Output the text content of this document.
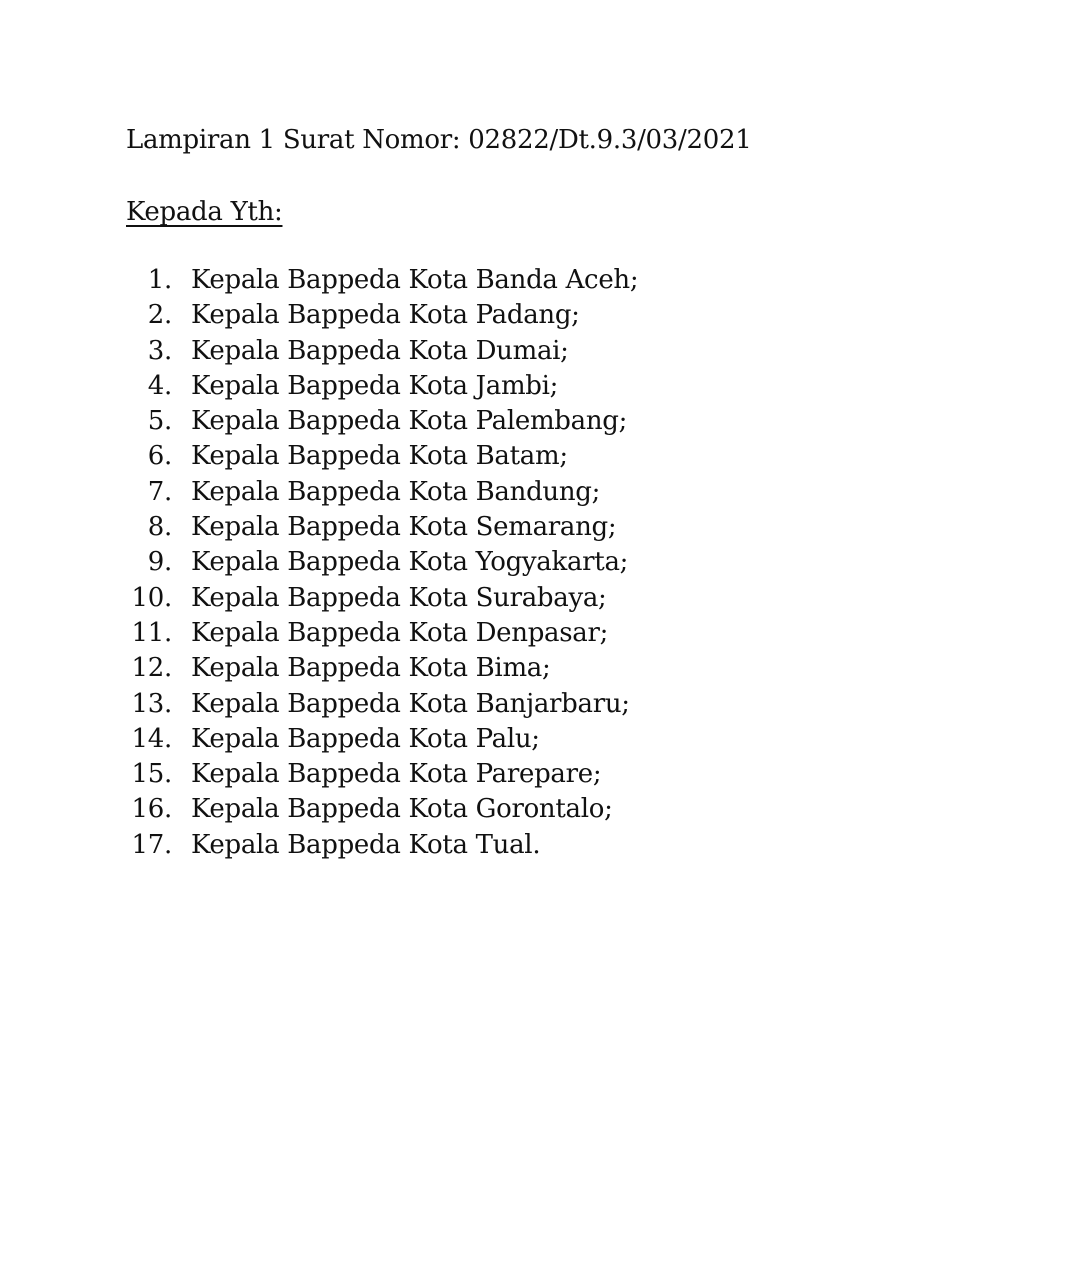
Lampiran 1 Surat Nomor: 02822/Dt.9.3/03/2021
Kepada Yth:
1. Kepala Bappeda Kota Banda Aceh;
2. Kepala Bappeda Kota Padang;
3. Kepala Bappeda Kota Dumai;
4. Kepala Bappeda Kota Jambi;
5. Kepala Bappeda Kota Palembang;
6. Kepala Bappeda Kota Batam;
7. Kepala Bappeda Kota Bandung;
8. Kepala Bappeda Kota Semarang;
9. Kepala Bappeda Kota Yogyakarta;
10. Kepala Bappeda Kota Surabaya;
11. Kepala Bappeda Kota Denpasar;
12. Kepala Bappeda Kota Bima;
13. Kepala Bappeda Kota Banjarbaru;
14. Kepala Bappeda Kota Palu;
15. Kepala Bappeda Kota Parepare;
16. Kepala Bappeda Kota Gorontalo;
17. Kepala Bappeda Kota Tual.
